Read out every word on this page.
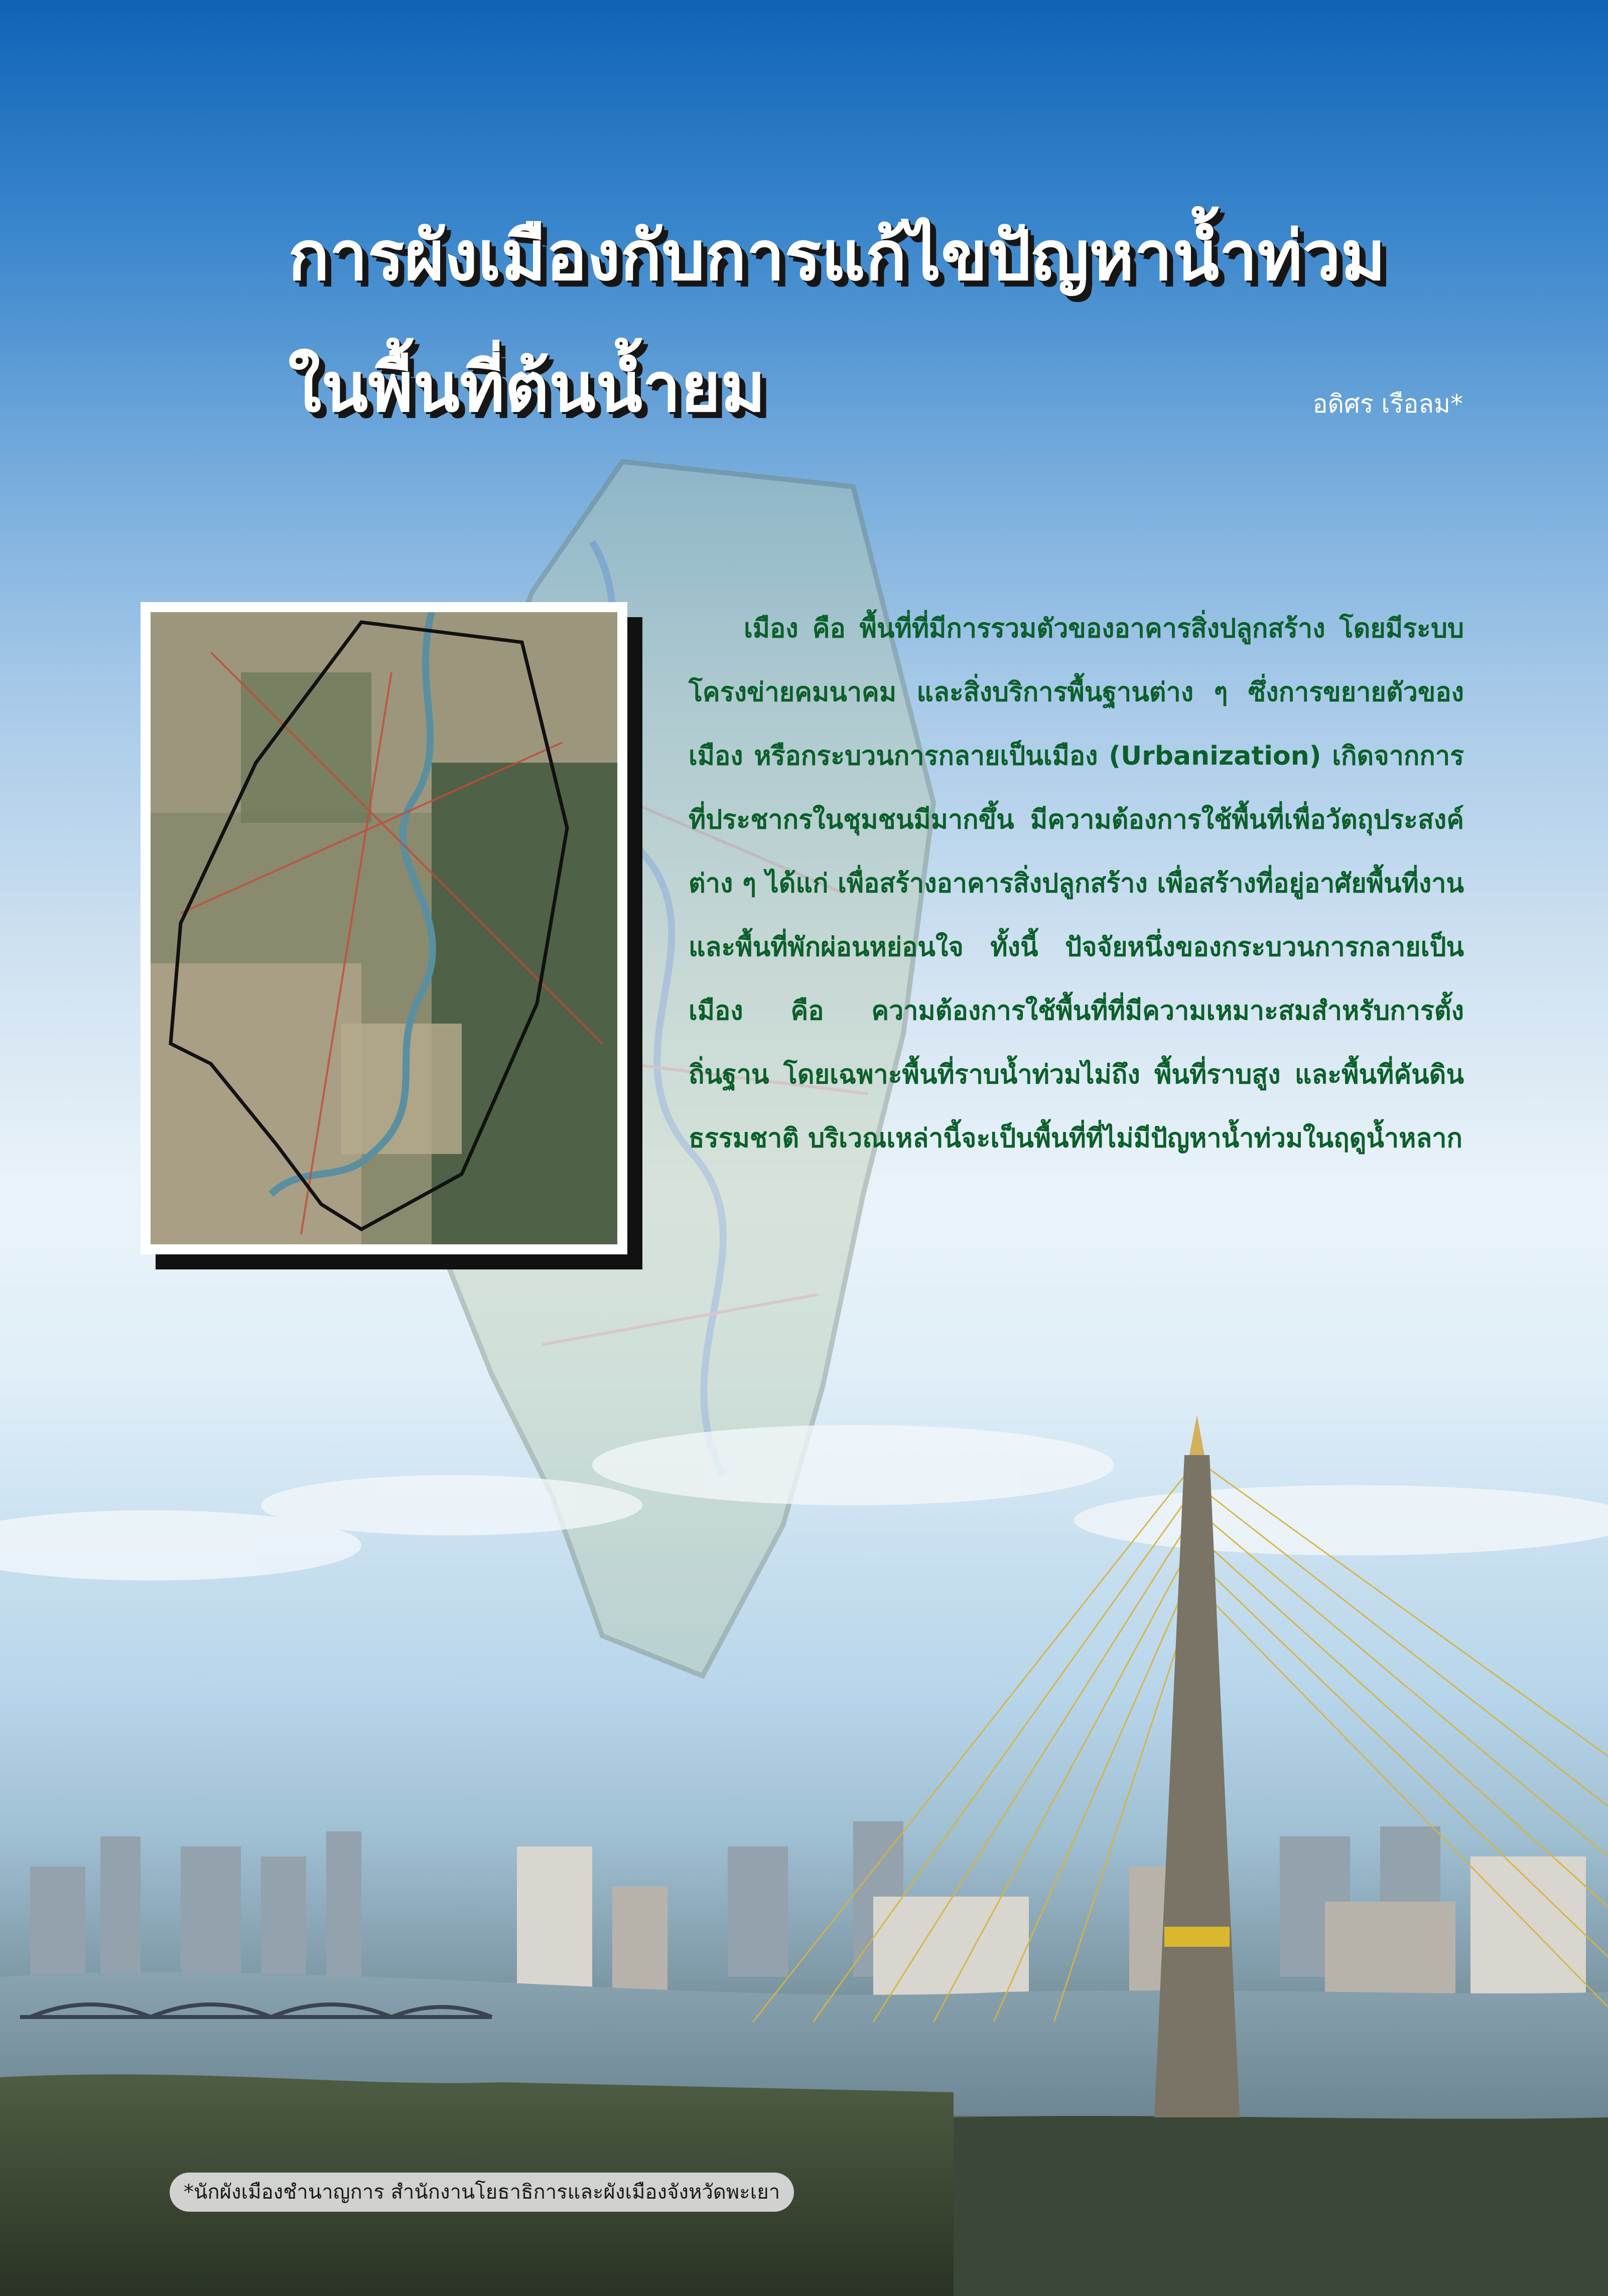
การผังเมืองกับการแก้ไขปัญหาน้ำท่วม
ในพื้นที่ต้นน้ำยม	อดิศร เรือลม*

เมือง คือ พื้นที่ที่มีการรวมตัวของอาคารสิ่งปลูกสร้าง โดยมีระบบโครงข่ายคมนาคม และสิ่งบริการพื้นฐานต่าง ๆ ซึ่งการขยายตัวของเมือง หรือกระบวนการกลายเป็นเมือง (Urbanization) เกิดจากการที่ประชากรในชุมชนมีมากขึ้น มีความต้องการใช้พื้นที่เพื่อวัตถุประสงค์ต่าง ๆ ได้แก่ เพื่อสร้างอาคารสิ่งปลูกสร้าง เพื่อสร้างที่อยู่อาศัยพื้นที่งานและพื้นที่พักผ่อนหย่อนใจ ทั้งนี้ ปัจจัยหนึ่งของกระบวนการกลายเป็นเมือง คือ ความต้องการใช้พื้นที่ที่มีความเหมาะสมสำหรับการตั้งถิ่นฐาน โดยเฉพาะพื้นที่ราบน้ำท่วมไม่ถึง พื้นที่ราบสูง และพื้นที่คันดินธรรมชาติ บริเวณเหล่านี้จะเป็นพื้นที่ที่ไม่มีปัญหาน้ำท่วมในฤดูน้ำหลาก

*นักผังเมืองชำนาญการ สำนักงานโยธาธิการและผังเมืองจังหวัดพะเยา
